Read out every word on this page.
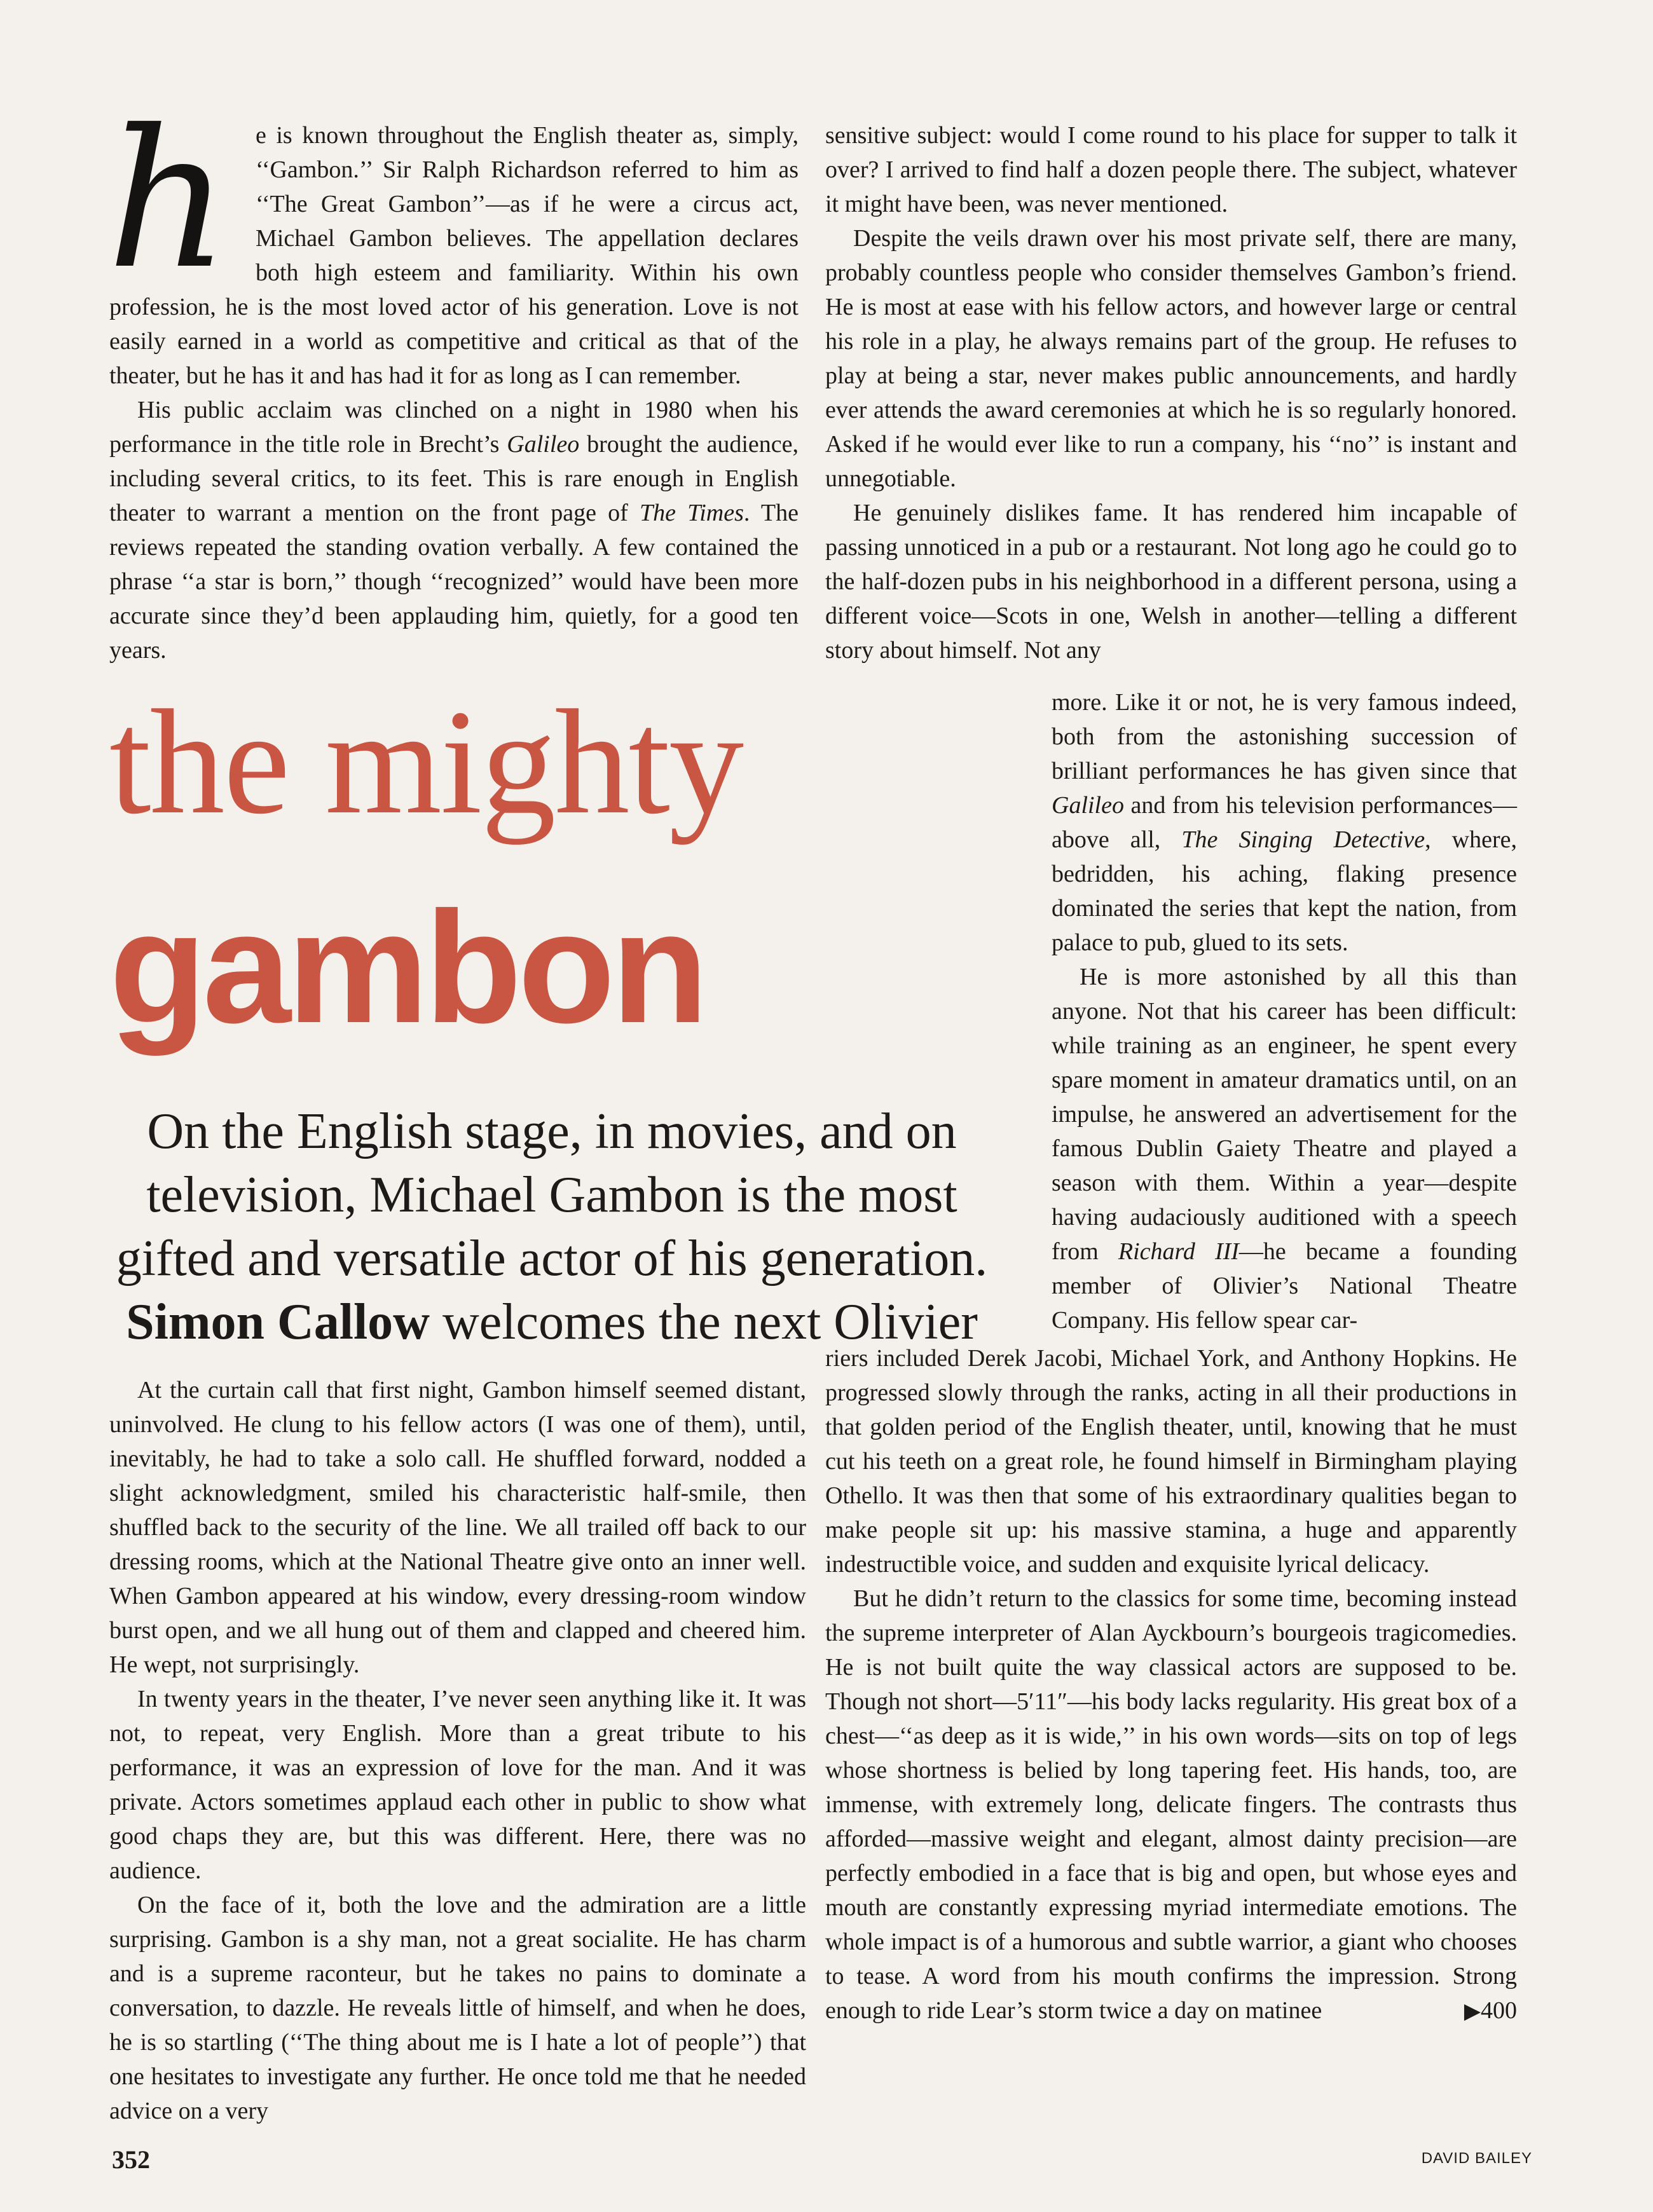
h	e is known throughout the English theater as, simply, ‘‘Gambon.’’ Sir Ralph Richardson referred to him as ‘‘The Great Gambon’’—as if he were a circus act, Michael Gambon believes. The appellation declares both high esteem and familiarity. Within his own profession, he is the most loved actor of his generation. Love is not easily earned in a world as competitive and critical as that of the theater, but he has it and has had it for as long as I can remember.

His public acclaim was clinched on a night in 1980 when his performance in the title role in Brecht’s Galileo brought the audience, including several critics, to its feet. This is rare enough in English theater to warrant a mention on the front page of The Times. The reviews repeated the standing ovation verbally. A few contained the phrase ‘‘a star is born,’’ though ‘‘recognized’’ would have been more accurate since they’d been applauding him, quietly, for a good ten years.

sensitive subject: would I come round to his place for supper to talk it over? I arrived to find half a dozen people there. The subject, whatever it might have been, was never mentioned.

Despite the veils drawn over his most private self, there are many, probably countless people who consider themselves Gambon’s friend. He is most at ease with his fellow actors, and however large or central his role in a play, he always remains part of the group. He refuses to play at being a star, never makes public announcements, and hardly ever attends the award ceremonies at which he is so regularly honored. Asked if he would ever like to run a company, his ‘‘no’’ is instant and unnegotiable.

He genuinely dislikes fame. It has rendered him incapable of passing unnoticed in a pub or a restaurant. Not long ago he could go to the half-dozen pubs in his neighborhood in a different persona, using a different voice—Scots in one, Welsh in another—telling a different story about himself. Not any

the mighty
gambon

more. Like it or not, he is very famous indeed, both from the astonishing succession of brilliant performances he has given since that Galileo and from his television performances—above all, The Singing Detective, where, bedridden, his aching, flaking presence dominated the series that kept the nation, from palace to pub, glued to its sets.

He is more astonished by all this than anyone. Not that his career has been difficult: while training as an engineer, he spent every spare moment in amateur dramatics until, on an impulse, he answered an advertisement for the famous Dublin Gaiety Theatre and played a season with them. Within a year—despite having audaciously auditioned with a speech from Richard III—he became a founding member of Olivier’s National Theatre Company. His fellow spear car-

On the English stage, in movies, and on
television, Michael Gambon is the most
gifted and versatile actor of his generation.
Simon Callow welcomes the next Olivier

At the curtain call that first night, Gambon himself seemed distant, uninvolved. He clung to his fellow actors (I was one of them), until, inevitably, he had to take a solo call. He shuffled forward, nodded a slight acknowledgment, smiled his characteristic half-smile, then shuffled back to the security of the line. We all trailed off back to our dressing rooms, which at the National Theatre give onto an inner well. When Gambon appeared at his window, every dressing-room window burst open, and we all hung out of them and clapped and cheered him. He wept, not surprisingly.

In twenty years in the theater, I’ve never seen anything like it. It was not, to repeat, very English. More than a great tribute to his performance, it was an expression of love for the man. And it was private. Actors sometimes applaud each other in public to show what good chaps they are, but this was different. Here, there was no audience.

On the face of it, both the love and the admiration are a little surprising. Gambon is a shy man, not a great socialite. He has charm and is a supreme raconteur, but he takes no pains to dominate a conversation, to dazzle. He reveals little of himself, and when he does, he is so startling (‘‘The thing about me is I hate a lot of people’’) that one hesitates to investigate any further. He once told me that he needed advice on a very

riers included Derek Jacobi, Michael York, and Anthony Hopkins. He progressed slowly through the ranks, acting in all their productions in that golden period of the English theater, until, knowing that he must cut his teeth on a great role, he found himself in Birmingham playing Othello. It was then that some of his extraordinary qualities began to make people sit up: his massive stamina, a huge and apparently indestructible voice, and sudden and exquisite lyrical delicacy.

But he didn’t return to the classics for some time, becoming instead the supreme interpreter of Alan Ayckbourn’s bourgeois tragicomedies. He is not built quite the way classical actors are supposed to be. Though not short—5′11″—his body lacks regularity. His great box of a chest—‘‘as deep as it is wide,’’ in his own words—sits on top of legs whose shortness is belied by long tapering feet. His hands, too, are immense, with extremely long, delicate fingers. The contrasts thus afforded—massive weight and elegant, almost dainty precision—are perfectly embodied in a face that is big and open, but whose eyes and mouth are constantly expressing myriad intermediate emotions. The whole impact is of a humorous and subtle warrior, a giant who chooses to tease. A word from his mouth confirms the impression. Strong enough to ride Lear’s storm twice a day on matinee	▶400

352	DAVID BAILEY
